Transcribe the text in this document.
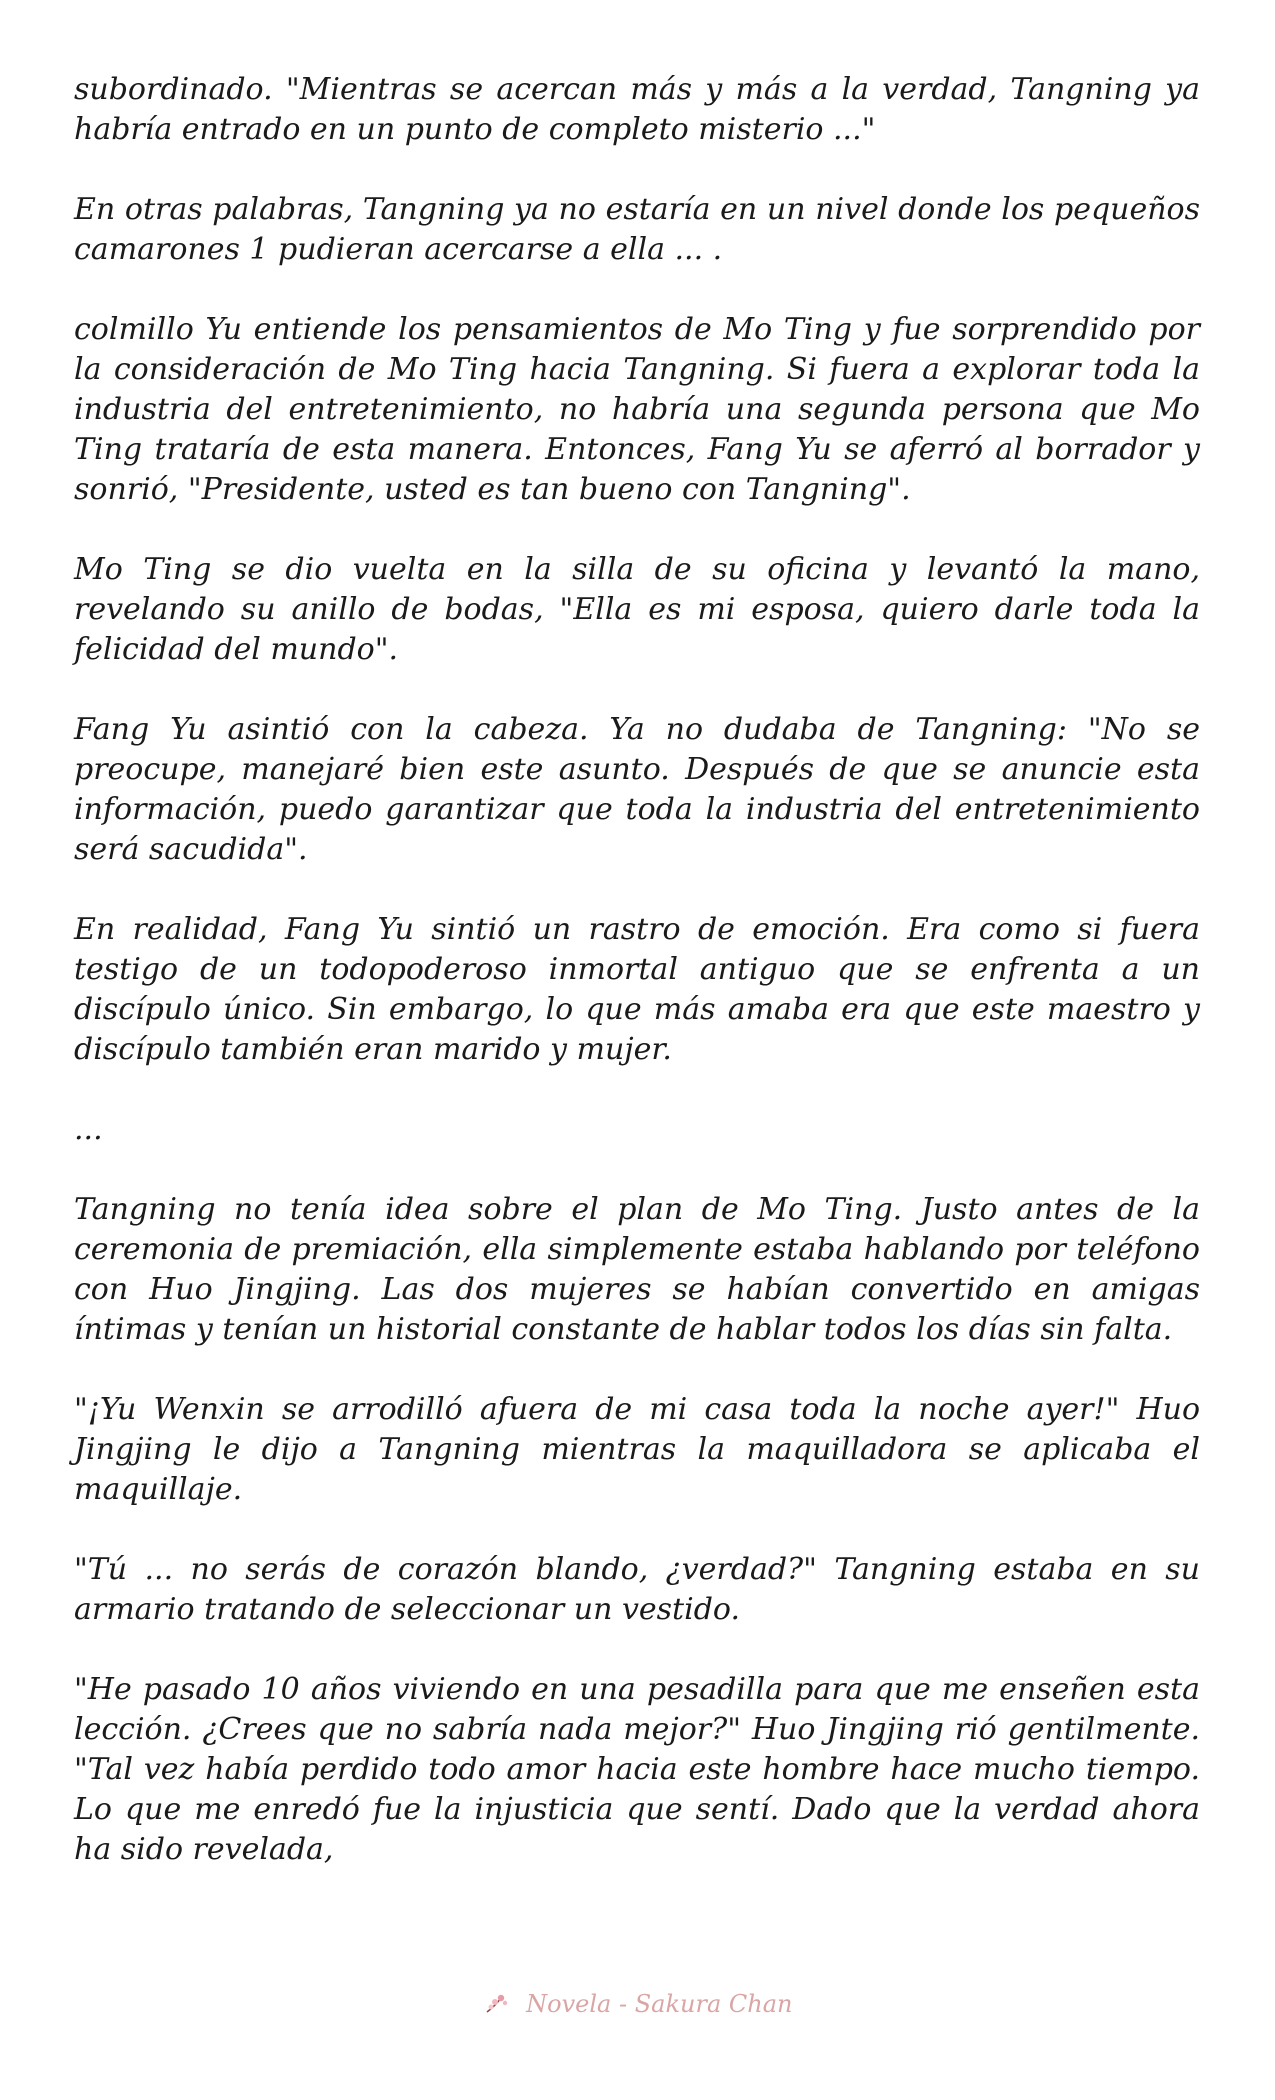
subordinado. "Mientras se acercan más y más a la verdad, Tangning ya habría entrado en un punto de completo misterio ..."

En otras palabras, Tangning ya no estaría en un nivel donde los pequeños camarones 1 pudieran acercarse a ella ... .

colmillo Yu entiende los pensamientos de Mo Ting y fue sorprendido por la consideración de Mo Ting hacia Tangning. Si fuera a explorar toda la industria del entretenimiento, no habría una segunda persona que Mo Ting trataría de esta manera. Entonces, Fang Yu se aferró al borrador y sonrió, "Presidente, usted es tan bueno con Tangning".

Mo Ting se dio vuelta en la silla de su oficina y levantó la mano, revelando su anillo de bodas, "Ella es mi esposa, quiero darle toda la felicidad del mundo".

Fang Yu asintió con la cabeza. Ya no dudaba de Tangning: "No se preocupe, manejaré bien este asunto. Después de que se anuncie esta información, puedo garantizar que toda la industria del entretenimiento será sacudida".

En realidad, Fang Yu sintió un rastro de emoción. Era como si fuera testigo de un todopoderoso inmortal antiguo que se enfrenta a un discípulo único. Sin embargo, lo que más amaba era que este maestro y discípulo también eran marido y mujer.

...

Tangning no tenía idea sobre el plan de Mo Ting. Justo antes de la ceremonia de premiación, ella simplemente estaba hablando por teléfono con Huo Jingjing. Las dos mujeres se habían convertido en amigas íntimas y tenían un historial constante de hablar todos los días sin falta.

"¡Yu Wenxin se arrodilló afuera de mi casa toda la noche ayer!" Huo Jingjing le dijo a Tangning mientras la maquilladora se aplicaba el maquillaje.

"Tú ... no serás de corazón blando, ¿verdad?" Tangning estaba en su armario tratando de seleccionar un vestido.

"He pasado 10 años viviendo en una pesadilla para que me enseñen esta lección. ¿Crees que no sabría nada mejor?" Huo Jingjing rió gentilmente. "Tal vez había perdido todo amor hacia este hombre hace mucho tiempo. Lo que me enredó fue la injusticia que sentí. Dado que la verdad ahora ha sido revelada,

Novela - Sakura Chan
